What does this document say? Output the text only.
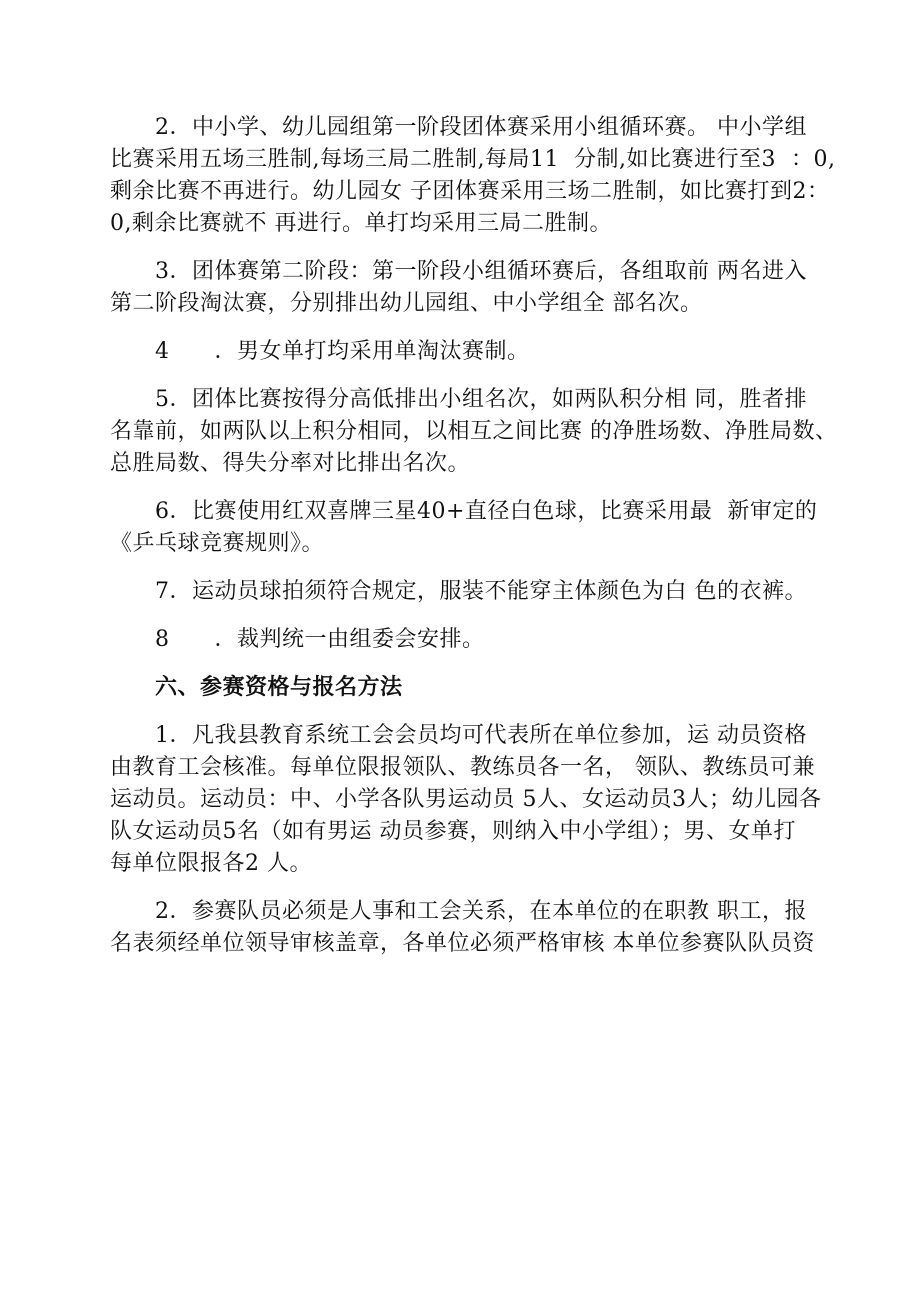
2．中小学、幼儿园组第一阶段团体赛采用小组循环赛。 中小学组
比赛采用五场三胜制,每场三局二胜制,每局11  分制,如比赛进行至3  ：0,
剩余比赛不再进行。幼儿园女 子团体赛采用三场二胜制，如比赛打到2：
0,剩余比赛就不 再进行。单打均采用三局二胜制。
3．团体赛第二阶段：第一阶段小组循环赛后，各组取前 两名进入
第二阶段淘汰赛，分别排出幼儿园组、中小学组全 部名次。
4      ．男女单打均采用单淘汰赛制。
5．团体比赛按得分高低排出小组名次，如两队积分相 同，胜者排
名靠前，如两队以上积分相同，以相互之间比赛 的净胜场数、净胜局数、
总胜局数、得失分率对比排出名次。
6．比赛使用红双喜牌三星40+直径白色球，比赛采用最  新审定的
《乒乓球竞赛规则》。
7．运动员球拍须符合规定，服装不能穿主体颜色为白 色的衣裤。
8      ．裁判统一由组委会安排。
六、参赛资格与报名方法
1．凡我县教育系统工会会员均可代表所在单位参加，运 动员资格
由教育工会核准。每单位限报领队、教练员各一名， 领队、教练员可兼
运动员。运动员：中、小学各队男运动员 5人、女运动员3人；幼儿园各
队女运动员5名（如有男运 动员参赛，则纳入中小学组）；男、女单打
每单位限报各2 人。
2．参赛队员必须是人事和工会关系，在本单位的在职教 职工，报
名表须经单位领导审核盖章，各单位必须严格审核 本单位参赛队队员资
